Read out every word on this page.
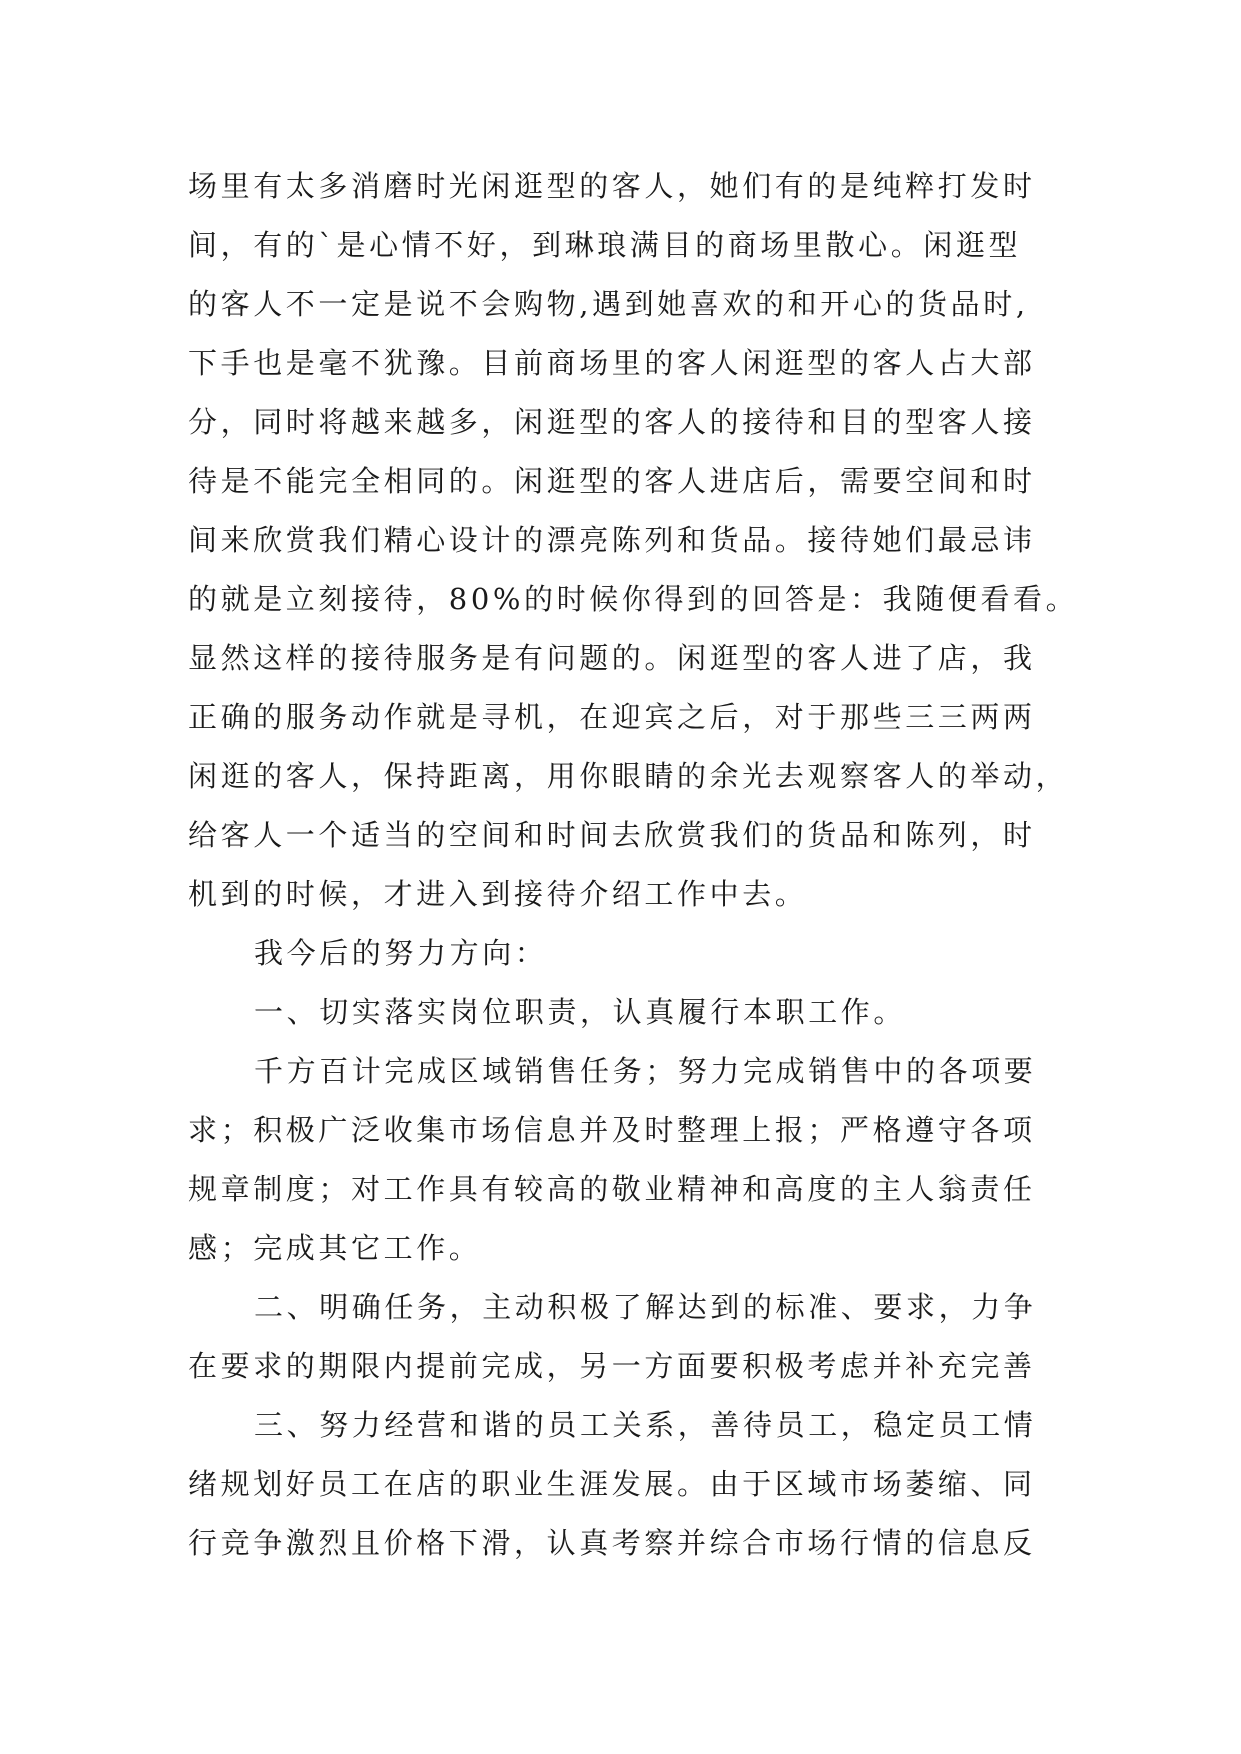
场里有太多消磨时光闲逛型的客人，她们有的是纯粹打发时

间，有的`是心情不好，到琳琅满目的商场里散心。闲逛型

的客人不一定是说不会购物,遇到她喜欢的和开心的货品时,

下手也是毫不犹豫。目前商场里的客人闲逛型的客人占大部

分，同时将越来越多，闲逛型的客人的接待和目的型客人接

待是不能完全相同的。闲逛型的客人进店后，需要空间和时

间来欣赏我们精心设计的漂亮陈列和货品。接待她们最忌讳

的就是立刻接待，80%的时候你得到的回答是：我随便看看。

显然这样的接待服务是有问题的。闲逛型的客人进了店，我

正确的服务动作就是寻机，在迎宾之后，对于那些三三两两

闲逛的客人，保持距离，用你眼睛的余光去观察客人的举动，

给客人一个适当的空间和时间去欣赏我们的货品和陈列，时

机到的时候，才进入到接待介绍工作中去。

我今后的努力方向：

一、切实落实岗位职责，认真履行本职工作。

千方百计完成区域销售任务；努力完成销售中的各项要

求；积极广泛收集市场信息并及时整理上报；严格遵守各项

规章制度；对工作具有较高的敬业精神和高度的主人翁责任

感；完成其它工作。

二、明确任务，主动积极了解达到的标准、要求，力争

在要求的期限内提前完成，另一方面要积极考虑并补充完善

三、努力经营和谐的员工关系，善待员工，稳定员工情

绪规划好员工在店的职业生涯发展。由于区域市场萎缩、同

行竞争激烈且价格下滑，认真考察并综合市场行情的信息反
